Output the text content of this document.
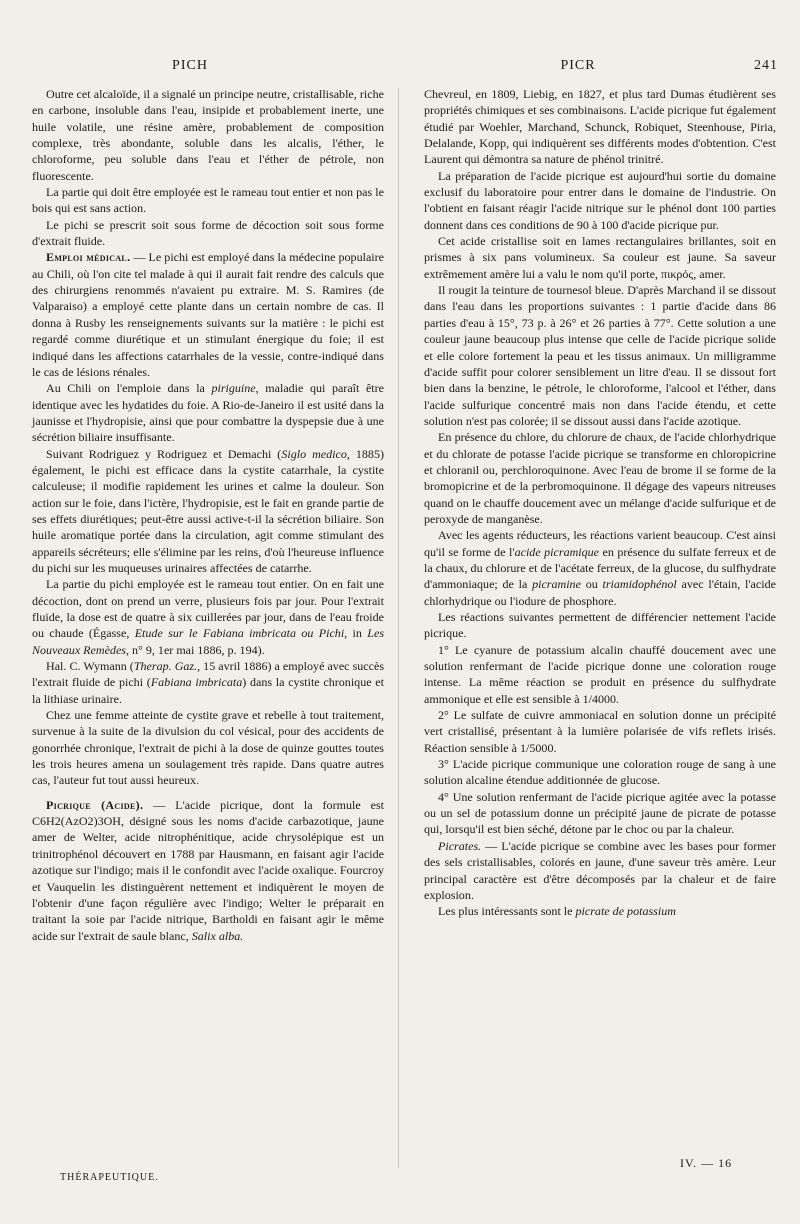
PICH	PICR	241

Outre cet alcaloïde, il a signalé un principe neutre, cristallisable, riche en carbone, insoluble dans l'eau, insipide et probablement inerte, une huile volatile, une résine amère, probablement de composition complexe, très abondante, soluble dans les alcalis, l'éther, le chloroforme, peu soluble dans l'eau et l'éther de pétrole, non fluorescente.

La partie qui doit être employée est le rameau tout entier et non pas le bois qui est sans action.

Le pichi se prescrit soit sous forme de décoction soit sous forme d'extrait fluide.

Emploi médical. — Le pichi est employé dans la médecine populaire au Chili, où l'on cite tel malade à qui il aurait fait rendre des calculs que des chirurgiens renommés n'avaient pu extraire. M. S. Ramires (de Valparaiso) a employé cette plante dans un certain nombre de cas. Il donna à Rusby les renseignements suivants sur la matière : le pichi est regardé comme diurétique et un stimulant énergique du foie; il est indiqué dans les affections catarrhales de la vessie, contre-indiqué dans le cas de lésions rénales.

Au Chili on l'emploie dans la piriguine, maladie qui paraît être identique avec les hydatides du foie. A Rio-de-Janeiro il est usité dans la jaunisse et l'hydropisie, ainsi que pour combattre la dyspepsie due à une sécrétion biliaire insuffisante.

Suivant Rodriguez y Rodriguez et Demachi (Siglo medico, 1885) également, le pichi est efficace dans la cystite catarrhale, la cystite calculeuse; il modifie rapidement les urines et calme la douleur. Son action sur le foie, dans l'ictère, l'hydropisie, est le fait en grande partie de ses effets diurétiques; peut-être aussi active-t-il la sécrétion biliaire. Son huile aromatique portée dans la circulation, agit comme stimulant des appareils sécréteurs; elle s'élimine par les reins, d'où l'heureuse influence du pichi sur les muqueuses urinaires affectées de catarrhe.

La partie du pichi employée est le rameau tout entier. On en fait une décoction, dont on prend un verre, plusieurs fois par jour. Pour l'extrait fluide, la dose est de quatre à six cuillerées par jour, dans de l'eau froide ou chaude (Égasse, Etude sur le Fabiana imbricata ou Pichi, in Les Nouveaux Remèdes, n° 9, 1er mai 1886, p. 194).

Hal. C. Wymann (Therap. Gaz., 15 avril 1886) a employé avec succès l'extrait fluide de pichi (Fabiana imbricata) dans la cystite chronique et la lithiase urinaire.

Chez une femme atteinte de cystite grave et rebelle à tout traitement, survenue à la suite de la divulsion du col vésical, pour des accidents de gonorrhée chronique, l'extrait de pichi à la dose de quinze gouttes toutes les trois heures amena un soulagement très rapide. Dans quatre autres cas, l'auteur fut tout aussi heureux.

Picrique (Acide). — L'acide picrique, dont la formule est C6H2(AzO2)3OH, désigné sous les noms d'acide carbazotique, jaune amer de Welter, acide nitrophénitique, acide chrysolépique est un trinitrophénol découvert en 1788 par Hausmann, en faisant agir l'acide azotique sur l'indigo; mais il le confondit avec l'acide oxalique. Fourcroy et Vauquelin les distinguèrent nettement et indiquèrent le moyen de l'obtenir d'une façon régulière avec l'indigo; Welter le préparait en traitant la soie par l'acide nitrique, Bartholdi en faisant agir le même acide sur l'extrait de saule blanc, Salix alba.

Chevreul, en 1809, Liebig, en 1827, et plus tard Dumas étudièrent ses propriétés chimiques et ses combinaisons. L'acide picrique fut également étudié par Woehler, Marchand, Schunck, Robiquet, Steenhouse, Piria, Delalande, Kopp, qui indiquèrent ses différents modes d'obtention. C'est Laurent qui démontra sa nature de phénol trinitré.

La préparation de l'acide picrique est aujourd'hui sortie du domaine exclusif du laboratoire pour entrer dans le domaine de l'industrie. On l'obtient en faisant réagir l'acide nitrique sur le phénol dont 100 parties donnent dans ces conditions de 90 à 100 d'acide picrique pur.

Cet acide cristallise soit en lames rectangulaires brillantes, soit en prismes à six pans volumineux. Sa couleur est jaune. Sa saveur extrêmement amère lui a valu le nom qu'il porte, πικρός, amer.

Il rougit la teinture de tournesol bleue. D'après Marchand il se dissout dans l'eau dans les proportions suivantes : 1 partie d'acide dans 86 parties d'eau à 15°, 73 p. à 26° et 26 parties à 77°. Cette solution a une couleur jaune beaucoup plus intense que celle de l'acide picrique solide et elle colore fortement la peau et les tissus animaux. Un milligramme d'acide suffit pour colorer sensiblement un litre d'eau. Il se dissout fort bien dans la benzine, le pétrole, le chloroforme, l'alcool et l'éther, dans l'acide sulfurique concentré mais non dans l'acide étendu, et cette solution n'est pas colorée; il se dissout aussi dans l'acide azotique.

En présence du chlore, du chlorure de chaux, de l'acide chlorhydrique et du chlorate de potasse l'acide picrique se transforme en chloropicrine et chloranil ou, perchloroquinone. Avec l'eau de brome il se forme de la bromopicrine et de la perbromoquinone. Il dégage des vapeurs nitreuses quand on le chauffe doucement avec un mélange d'acide sulfurique et de peroxyde de manganèse.

Avec les agents réducteurs, les réactions varient beaucoup. C'est ainsi qu'il se forme de l'acide picramique en présence du sulfate ferreux et de la chaux, du chlorure et de l'acétate ferreux, de la glucose, du sulfhydrate d'ammoniaque; de la picramine ou triamidophénol avec l'étain, l'acide chlorhydrique ou l'iodure de phosphore.

Les réactions suivantes permettent de différencier nettement l'acide picrique.

1° Le cyanure de potassium alcalin chauffé doucement avec une solution renfermant de l'acide picrique donne une coloration rouge intense. La même réaction se produit en présence du sulfhydrate ammonique et elle est sensible à 1/4000.

2° Le sulfate de cuivre ammoniacal en solution donne un précipité vert cristallisé, présentant à la lumière polarisée de vifs reflets irisés. Réaction sensible à 1/5000.

3° L'acide picrique communique une coloration rouge de sang à une solution alcaline étendue additionnée de glucose.

4° Une solution renfermant de l'acide picrique agitée avec la potasse ou un sel de potassium donne un précipité jaune de picrate de potasse qui, lorsqu'il est bien séché, détone par le choc ou par la chaleur.

Picrates. — L'acide picrique se combine avec les bases pour former des sels cristallisables, colorés en jaune, d'une saveur très amère. Leur principal caractère est d'être décomposés par la chaleur et de faire explosion.

Les plus intéressants sont le picrate de potassium

THÉRAPEUTIQUE.
IV. — 16
